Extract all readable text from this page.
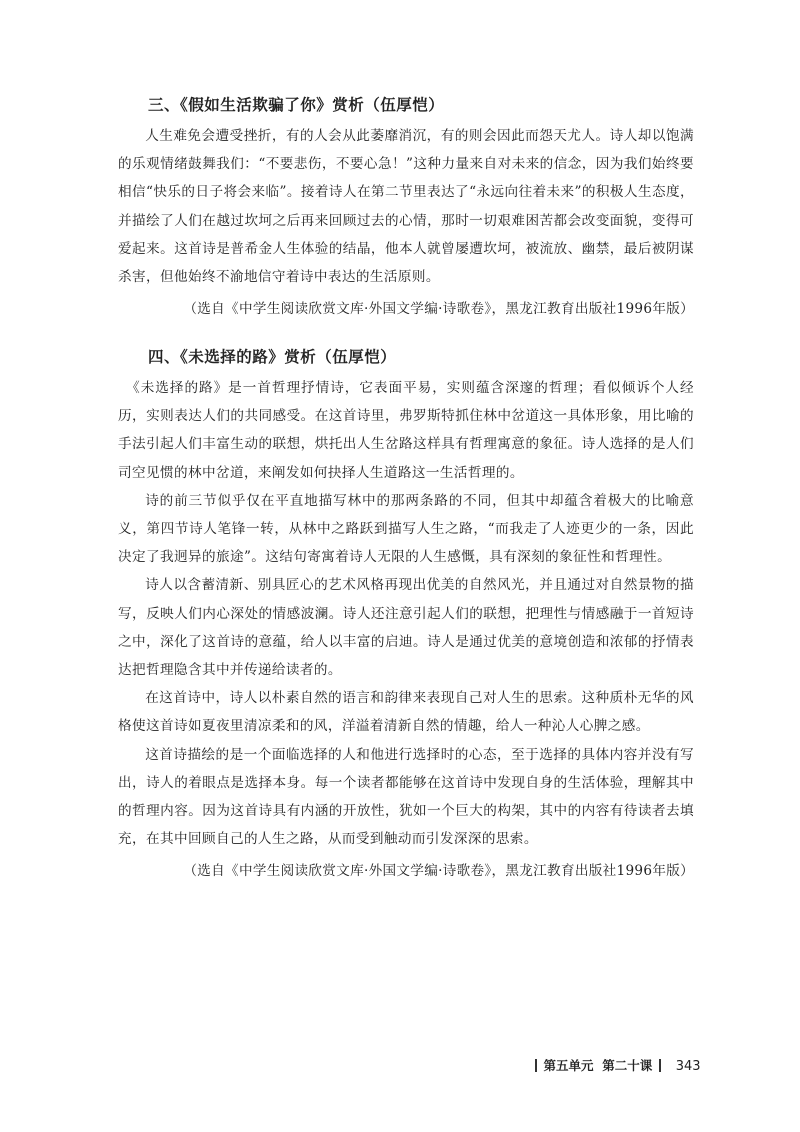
三、《假如生活欺骗了你》赏析（伍厚恺）

人生难免会遭受挫折，有的人会从此萎靡消沉，有的则会因此而怨天尤人。诗人却以饱满的乐观情绪鼓舞我们：“不要悲伤，不要心急！”这种力量来自对未来的信念，因为我们始终要相信“快乐的日子将会来临”。接着诗人在第二节里表达了“永远向往着未来”的积极人生态度，并描绘了人们在越过坎坷之后再来回顾过去的心情，那时一切艰难困苦都会改变面貌，变得可爱起来。这首诗是普希金人生体验的结晶，他本人就曾屡遭坎坷，被流放、幽禁，最后被阴谋杀害，但他始终不渝地信守着诗中表达的生活原则。

（选自《中学生阅读欣赏文库·外国文学编·诗歌卷》，黑龙江教育出版社1996年版）

四、《未选择的路》赏析（伍厚恺）

《未选择的路》是一首哲理抒情诗，它表面平易，实则蕴含深邃的哲理；看似倾诉个人经历，实则表达人们的共同感受。在这首诗里，弗罗斯特抓住林中岔道这一具体形象，用比喻的手法引起人们丰富生动的联想，烘托出人生岔路这样具有哲理寓意的象征。诗人选择的是人们司空见惯的林中岔道，来阐发如何抉择人生道路这一生活哲理的。

诗的前三节似乎仅在平直地描写林中的那两条路的不同，但其中却蕴含着极大的比喻意义，第四节诗人笔锋一转，从林中之路跃到描写人生之路，“而我走了人迹更少的一条，因此决定了我迥异的旅途”。这结句寄寓着诗人无限的人生感慨，具有深刻的象征性和哲理性。

诗人以含蓄清新、别具匠心的艺术风格再现出优美的自然风光，并且通过对自然景物的描写，反映人们内心深处的情感波澜。诗人还注意引起人们的联想，把理性与情感融于一首短诗之中，深化了这首诗的意蕴，给人以丰富的启迪。诗人是通过优美的意境创造和浓郁的抒情表达把哲理隐含其中并传递给读者的。

在这首诗中，诗人以朴素自然的语言和韵律来表现自己对人生的思索。这种质朴无华的风格使这首诗如夏夜里清凉柔和的风，洋溢着清新自然的情趣，给人一种沁人心脾之感。

这首诗描绘的是一个面临选择的人和他进行选择时的心态，至于选择的具体内容并没有写出，诗人的着眼点是选择本身。每一个读者都能够在这首诗中发现自身的生活体验，理解其中的哲理内容。因为这首诗具有内涵的开放性，犹如一个巨大的构架，其中的内容有待读者去填充，在其中回顾自己的人生之路，从而受到触动而引发深深的思索。

（选自《中学生阅读欣赏文库·外国文学编·诗歌卷》，黑龙江教育出版社1996年版）

第五单元 第二十课 343
